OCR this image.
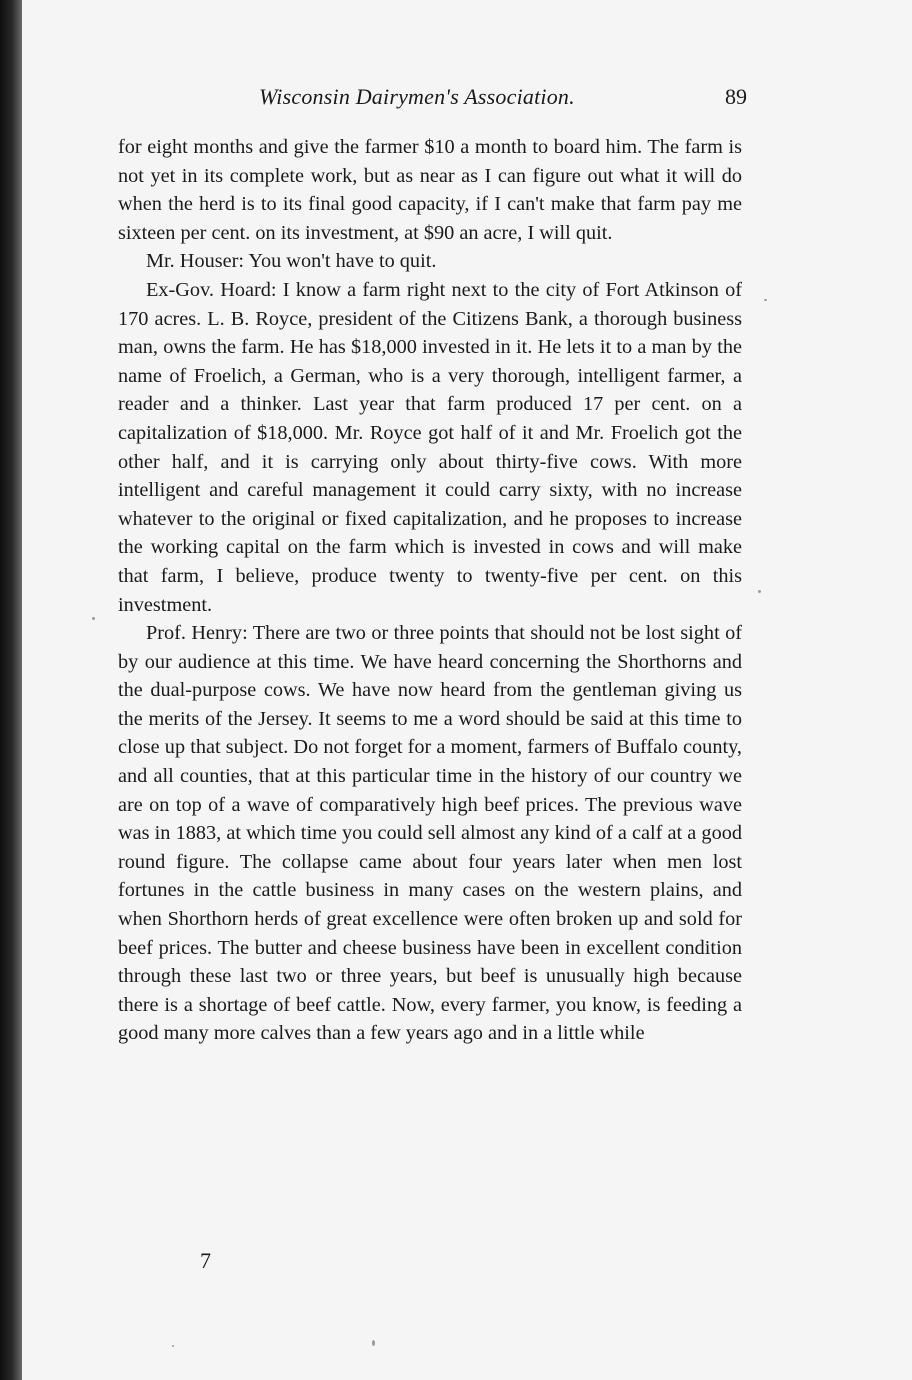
Wisconsin Dairymen's Association.	89

for eight months and give the farmer $10 a month to board him. The farm is not yet in its complete work, but as near as I can figure out what it will do when the herd is to its final good capacity, if I can't make that farm pay me sixteen per cent. on its investment, at $90 an acre, I will quit.

Mr. Houser: You won't have to quit.

Ex-Gov. Hoard: I know a farm right next to the city of Fort Atkinson of 170 acres. L. B. Royce, president of the Citizens Bank, a thorough business man, owns the farm. He has $18,000 invested in it. He lets it to a man by the name of Froelich, a German, who is a very thorough, intelligent farmer, a reader and a thinker. Last year that farm produced 17 per cent. on a capitalization of $18,000. Mr. Royce got half of it and Mr. Froelich got the other half, and it is carrying only about thirty-five cows. With more intelligent and careful management it could carry sixty, with no increase whatever to the original or fixed capitalization, and he proposes to increase the working capital on the farm which is invested in cows and will make that farm, I believe, produce twenty to twenty-five per cent. on this investment.

Prof. Henry: There are two or three points that should not be lost sight of by our audience at this time. We have heard concerning the Shorthorns and the dual-purpose cows. We have now heard from the gentleman giving us the merits of the Jersey. It seems to me a word should be said at this time to close up that subject. Do not forget for a moment, farmers of Buffalo county, and all counties, that at this particular time in the history of our country we are on top of a wave of comparatively high beef prices. The previous wave was in 1883, at which time you could sell almost any kind of a calf at a good round figure. The collapse came about four years later when men lost fortunes in the cattle business in many cases on the western plains, and when Shorthorn herds of great excellence were often broken up and sold for beef prices. The butter and cheese business have been in excellent condition through these last two or three years, but beef is unusually high because there is a shortage of beef cattle. Now, every farmer, you know, is feeding a good many more calves than a few years ago and in a little while

7
